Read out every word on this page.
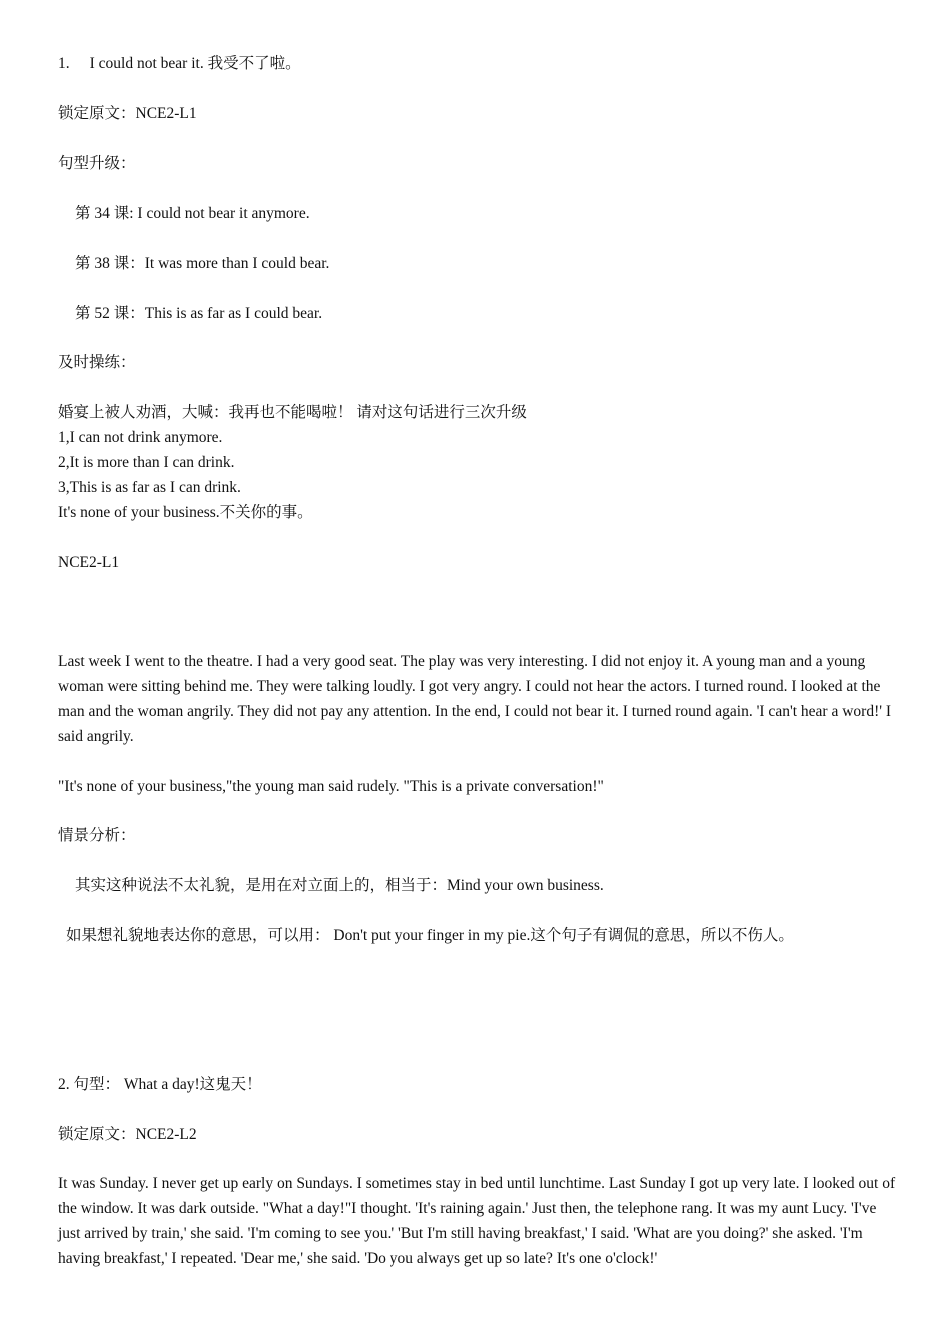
1. I could not bear it. 我受不了啦。
锁定原文：NCE2-L1
句型升级：
第 34 课: I could not bear it anymore.
第 38 课：It was more than I could bear.
第 52 课：This is as far as I could bear.
及时操练：
婚宴上被人劝酒，大喊：我再也不能喝啦！ 请对这句话进行三次升级
1,I can not drink anymore.
2,It is more than I can drink.
3,This is as far as I can drink.
It's none of your business.不关你的事。
NCE2-L1
Last week I went to the theatre. I had a very good seat. The play was very interesting. I did not enjoy it. A young man and a young woman were sitting behind me. They were talking loudly. I got very angry. I could not hear the actors. I turned round. I looked at the man and the woman angrily. They did not pay any attention. In the end, I could not bear it. I turned round again. 'I can't hear a word!' I said angrily.
"It's none of your business,"the young man said rudely. "This is a private conversation!"
情景分析：
其实这种说法不太礼貌，是用在对立面上的，相当于：Mind your own business.
如果想礼貌地表达你的意思，可以用： Don't put your finger in my pie.这个句子有调侃的意思，所以不伤人。
2. 句型： What a day!这鬼天！
锁定原文：NCE2-L2
It was Sunday. I never get up early on Sundays. I sometimes stay in bed until lunchtime. Last Sunday I got up very late. I looked out of the window. It was dark outside. "What a day!"I thought. 'It's raining again.' Just then, the telephone rang. It was my aunt Lucy. 'I've just arrived by train,' she said. 'I'm coming to see you.' 'But I'm still having breakfast,' I said. 'What are you doing?' she asked. 'I'm having breakfast,' I repeated. 'Dear me,' she said. 'Do you always get up so late? It's one o'clock!'
